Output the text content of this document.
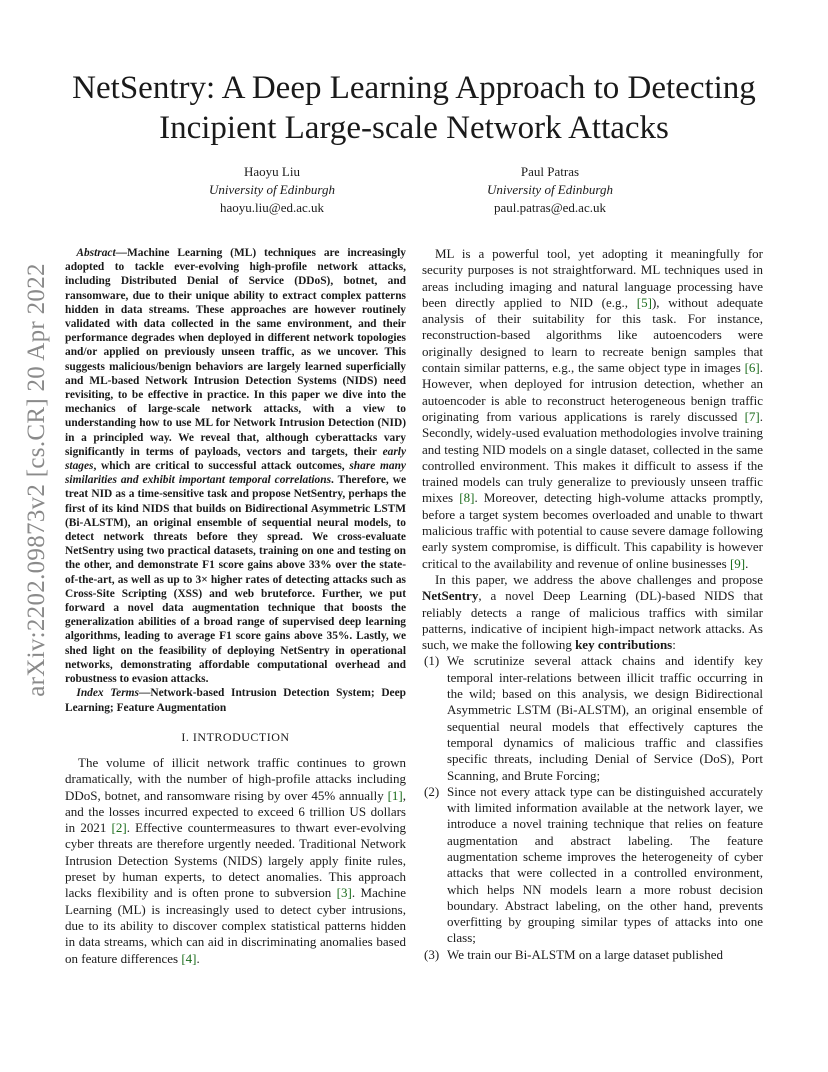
arXiv:2202.09873v2 [cs.CR] 20 Apr 2022
NetSentry: A Deep Learning Approach to Detecting
Incipient Large-scale Network Attacks
Haoyu Liu
University of Edinburgh
haoyu.liu@ed.ac.uk
Paul Patras
University of Edinburgh
paul.patras@ed.ac.uk

Abstract—Machine Learning (ML) techniques are increasingly adopted to tackle ever-evolving high-profile network attacks, including Distributed Denial of Service (DDoS), botnet, and ransomware, due to their unique ability to extract complex patterns hidden in data streams. These approaches are however routinely validated with data collected in the same environment, and their performance degrades when deployed in different network topologies and/or applied on previously unseen traffic, as we uncover. This suggests malicious/benign behaviors are largely learned superficially and ML-based Network Intrusion Detection Systems (NIDS) need revisiting, to be effective in practice. In this paper we dive into the mechanics of large-scale network attacks, with a view to understanding how to use ML for Network Intrusion Detection (NID) in a principled way. We reveal that, although cyberattacks vary significantly in terms of payloads, vectors and targets, their early stages, which are critical to successful attack outcomes, share many similarities and exhibit important temporal correlations. Therefore, we treat NID as a time-sensitive task and propose NetSentry, perhaps the first of its kind NIDS that builds on Bidirectional Asymmetric LSTM (Bi-ALSTM), an original ensemble of sequential neural models, to detect network threats before they spread. We cross-evaluate NetSentry using two practical datasets, training on one and testing on the other, and demonstrate F1 score gains above 33% over the state-of-the-art, as well as up to 3× higher rates of detecting attacks such as Cross-Site Scripting (XSS) and web bruteforce. Further, we put forward a novel data augmentation technique that boosts the generalization abilities of a broad range of supervised deep learning algorithms, leading to average F1 score gains above 35%. Lastly, we shed light on the feasibility of deploying NetSentry in operational networks, demonstrating affordable computational overhead and robustness to evasion attacks.

Index Terms—Network-based Intrusion Detection System; Deep Learning; Feature Augmentation

I. INTRODUCTION

The volume of illicit network traffic continues to grown dramatically, with the number of high-profile attacks including DDoS, botnet, and ransomware rising by over 45% annually [1], and the losses incurred expected to exceed 6 trillion US dollars in 2021 [2]. Effective countermeasures to thwart ever-evolving cyber threats are therefore urgently needed. Traditional Network Intrusion Detection Systems (NIDS) largely apply finite rules, preset by human experts, to detect anomalies. This approach lacks flexibility and is often prone to subversion [3]. Machine Learning (ML) is increasingly used to detect cyber intrusions, due to its ability to discover complex statistical patterns hidden in data streams, which can aid in discriminating anomalies based on feature differences [4].

ML is a powerful tool, yet adopting it meaningfully for security purposes is not straightforward. ML techniques used in areas including imaging and natural language processing have been directly applied to NID (e.g., [5]), without adequate analysis of their suitability for this task. For instance, reconstruction-based algorithms like autoencoders were originally designed to learn to recreate benign samples that contain similar patterns, e.g., the same object type in images [6]. However, when deployed for intrusion detection, whether an autoencoder is able to reconstruct heterogeneous benign traffic originating from various applications is rarely discussed [7]. Secondly, widely-used evaluation methodologies involve training and testing NID models on a single dataset, collected in the same controlled environment. This makes it difficult to assess if the trained models can truly generalize to previously unseen traffic mixes [8]. Moreover, detecting high-volume attacks promptly, before a target system becomes overloaded and unable to thwart malicious traffic with potential to cause severe damage following early system compromise, is difficult. This capability is however critical to the availability and revenue of online businesses [9].

In this paper, we address the above challenges and propose NetSentry, a novel Deep Learning (DL)-based NIDS that reliably detects a range of malicious traffics with similar patterns, indicative of incipient high-impact network attacks. As such, we make the following key contributions:

(1) We scrutinize several attack chains and identify key temporal inter-relations between illicit traffic occurring in the wild; based on this analysis, we design Bidirectional Asymmetric LSTM (Bi-ALSTM), an original ensemble of sequential neural models that effectively captures the temporal dynamics of malicious traffic and classifies specific threats, including Denial of Service (DoS), Port Scanning, and Brute Forcing;
(2) Since not every attack type can be distinguished accurately with limited information available at the network layer, we introduce a novel training technique that relies on feature augmentation and abstract labeling. The feature augmentation scheme improves the heterogeneity of cyber attacks that were collected in a controlled environment, which helps NN models learn a more robust decision boundary. Abstract labeling, on the other hand, prevents overfitting by grouping similar types of attacks into one class;
(3) We train our Bi-ALSTM on a large dataset published
